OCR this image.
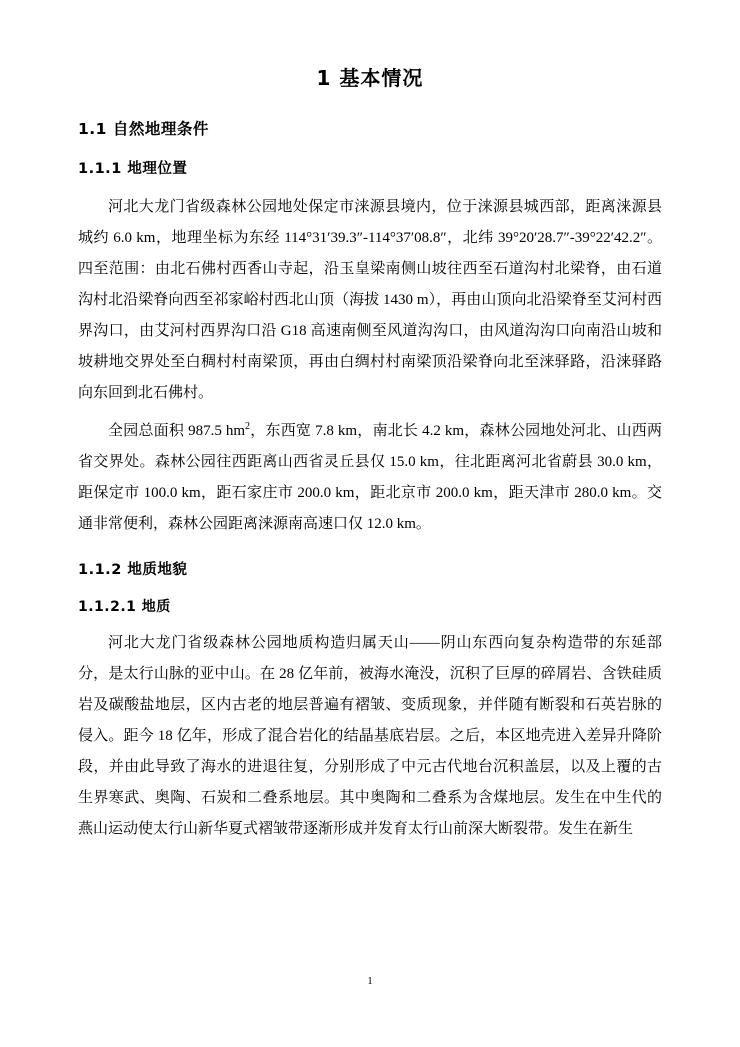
1 基本情况
1.1 自然地理条件
1.1.1 地理位置

河北大龙门省级森林公园地处保定市涞源县境内，位于涞源县城西部，距离涞源县城约 6.0 km，地理坐标为东经 114°31′39.3″-114°37′08.8″，北纬 39°20′28.7″-39°22′42.2″。四至范围：由北石佛村西香山寺起，沿玉皇梁南侧山坡往西至石道沟村北梁脊，由石道沟村北沿梁脊向西至祁家峪村西北山顶（海拔 1430 m），再由山顶向北沿梁脊至艾河村西界沟口，由艾河村西界沟口沿 G18 高速南侧至风道沟沟口，由风道沟沟口向南沿山坡和坡耕地交界处至白稠村村南梁顶，再由白绸村村南梁顶沿梁脊向北至涞驿路，沿涞驿路向东回到北石佛村。

全园总面积 987.5 $hm^2$，东西宽 7.8 km，南北长 4.2 km，森林公园地处河北、山西两省交界处。森林公园往西距离山西省灵丘县仅 15.0 km，往北距离河北省蔚县 30.0 km，距保定市 100.0 km，距石家庄市 200.0 km，距北京市 200.0 km，距天津市 280.0 km。交通非常便利，森林公园距离涞源南高速口仅 12.0 km。

1.1.2 地质地貌
1.1.2.1 地质

河北大龙门省级森林公园地质构造归属天山——阴山东西向复杂构造带的东延部分，是太行山脉的亚中山。在 28 亿年前，被海水淹没，沉积了巨厚的碎屑岩、含铁硅质岩及碳酸盐地层，区内古老的地层普遍有褶皱、变质现象，并伴随有断裂和石英岩脉的侵入。距今 18 亿年，形成了混合岩化的结晶基底岩层。之后，本区地壳进入差异升降阶段，并由此导致了海水的进退往复，分别形成了中元古代地台沉积盖层，以及上覆的古生界寒武、奥陶、石炭和二叠系地层。其中奥陶和二叠系为含煤地层。发生在中生代的燕山运动使太行山新华夏式褶皱带逐渐形成并发育太行山前深大断裂带。发生在新生

1
